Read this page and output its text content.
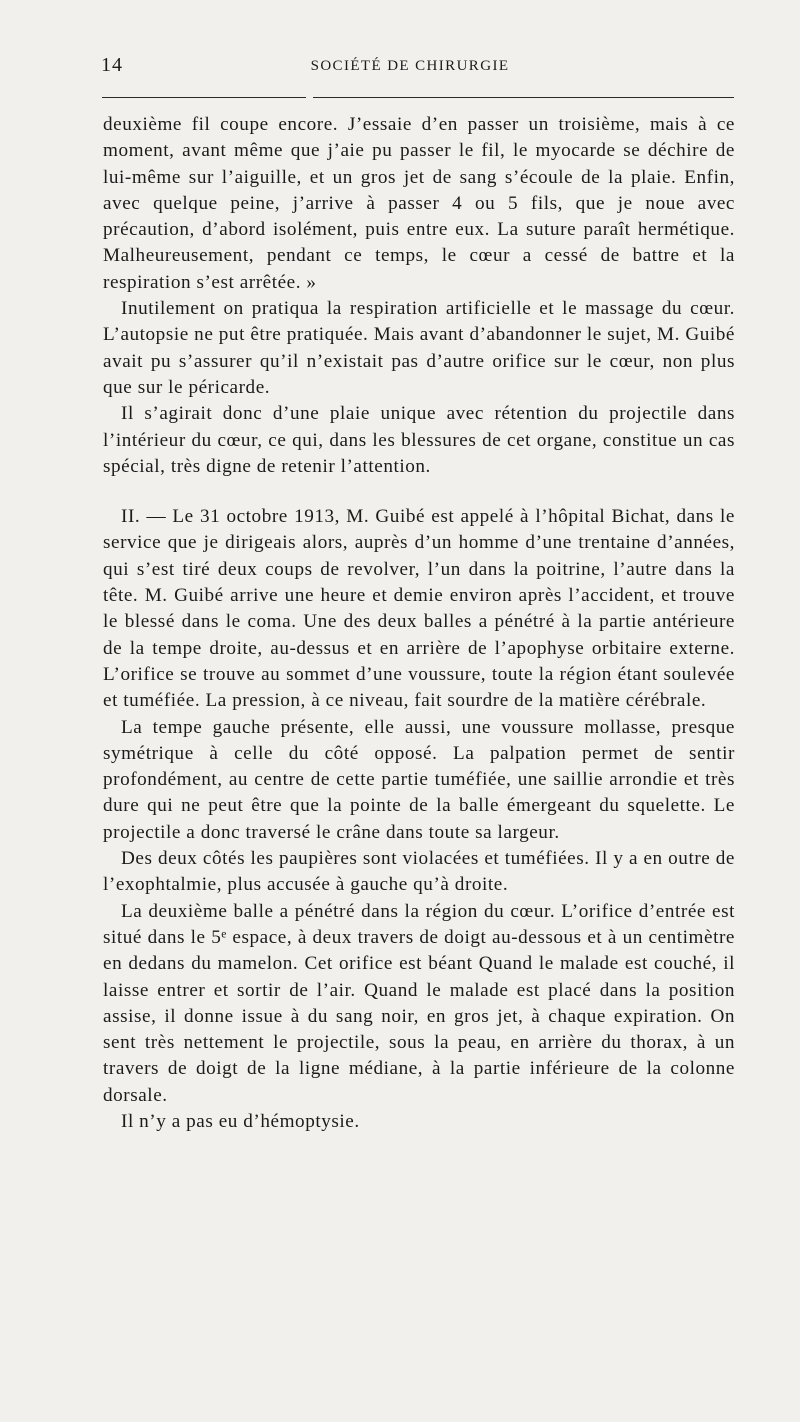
14	SOCIÉTÉ DE CHIRURGIE

deuxième fil coupe encore. J’essaie d’en passer un troisième, mais à ce moment, avant même que j’aie pu passer le fil, le myocarde se déchire de lui-même sur l’aiguille, et un gros jet de sang s’écoule de la plaie. Enfin, avec quelque peine, j’arrive à passer 4 ou 5 fils, que je noue avec précaution, d’abord isolément, puis entre eux. La suture paraît hermétique. Malheureusement, pendant ce temps, le cœur a cessé de battre et la respiration s’est arrêtée. »

Inutilement on pratiqua la respiration artificielle et le massage du cœur. L’autopsie ne put être pratiquée. Mais avant d’abandonner le sujet, M. Guibé avait pu s’assurer qu’il n’existait pas d’autre orifice sur le cœur, non plus que sur le péricarde.

Il s’agirait donc d’une plaie unique avec rétention du projectile dans l’intérieur du cœur, ce qui, dans les blessures de cet organe, constitue un cas spécial, très digne de retenir l’attention.

II. — Le 31 octobre 1913, M. Guibé est appelé à l’hôpital Bichat, dans le service que je dirigeais alors, auprès d’un homme d’une trentaine d’années, qui s’est tiré deux coups de revolver, l’un dans la poitrine, l’autre dans la tête. M. Guibé arrive une heure et demie environ après l’accident, et trouve le blessé dans le coma. Une des deux balles a pénétré à la partie antérieure de la tempe droite, au-dessus et en arrière de l’apophyse orbitaire externe. L’orifice se trouve au sommet d’une voussure, toute la région étant soulevée et tuméfiée. La pression, à ce niveau, fait sourdre de la matière cérébrale.

La tempe gauche présente, elle aussi, une voussure mollasse, presque symétrique à celle du côté opposé. La palpation permet de sentir profondément, au centre de cette partie tuméfiée, une saillie arrondie et très dure qui ne peut être que la pointe de la balle émergeant du squelette. Le projectile a donc traversé le crâne dans toute sa largeur.

Des deux côtés les paupières sont violacées et tuméfiées. Il y a en outre de l’exophtalmie, plus accusée à gauche qu’à droite.

La deuxième balle a pénétré dans la région du cœur. L’orifice d’entrée est situé dans le 5ᵉ espace, à deux travers de doigt au-dessous et à un centimètre en dedans du mamelon. Cet orifice est béant Quand le malade est couché, il laisse entrer et sortir de l’air. Quand le malade est placé dans la position assise, il donne issue à du sang noir, en gros jet, à chaque expiration. On sent très nettement le projectile, sous la peau, en arrière du thorax, à un travers de doigt de la ligne médiane, à la partie inférieure de la colonne dorsale.

Il n’y a pas eu d’hémoptysie.
